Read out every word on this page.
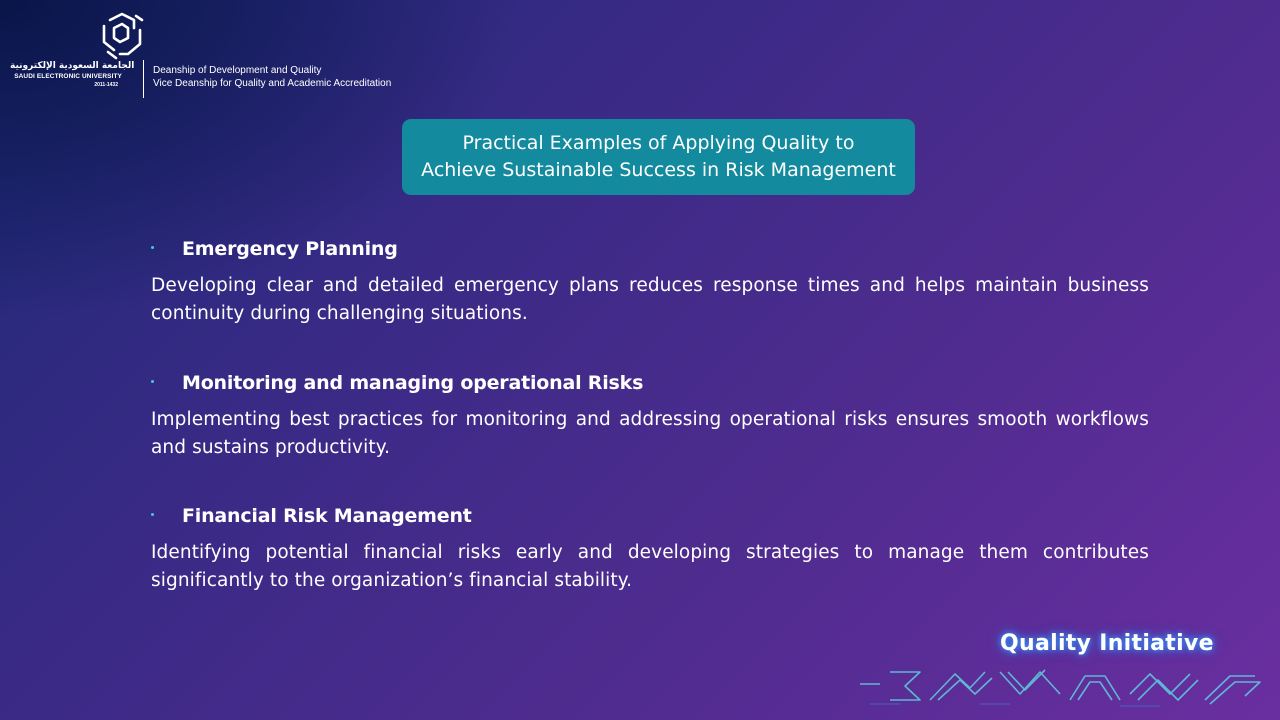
الجامعة السعودية الإلكترونية
SAUDI ELECTRONIC UNIVERSITY
2011-1432
Deanship of Development and Quality
Vice Deanship for Quality and Academic Accreditation
Practical Examples of Applying Quality to
Achieve Sustainable Success in Risk Management
Emergency Planning
Developing clear and detailed emergency plans reduces response times and helps maintain business continuity during challenging situations.
Monitoring and managing operational Risks
Implementing best practices for monitoring and addressing operational risks ensures smooth workflows and sustains productivity.
Financial Risk Management
Identifying potential financial risks early and developing strategies to manage them contributes significantly to the organization’s financial stability.
Quality Initiative
